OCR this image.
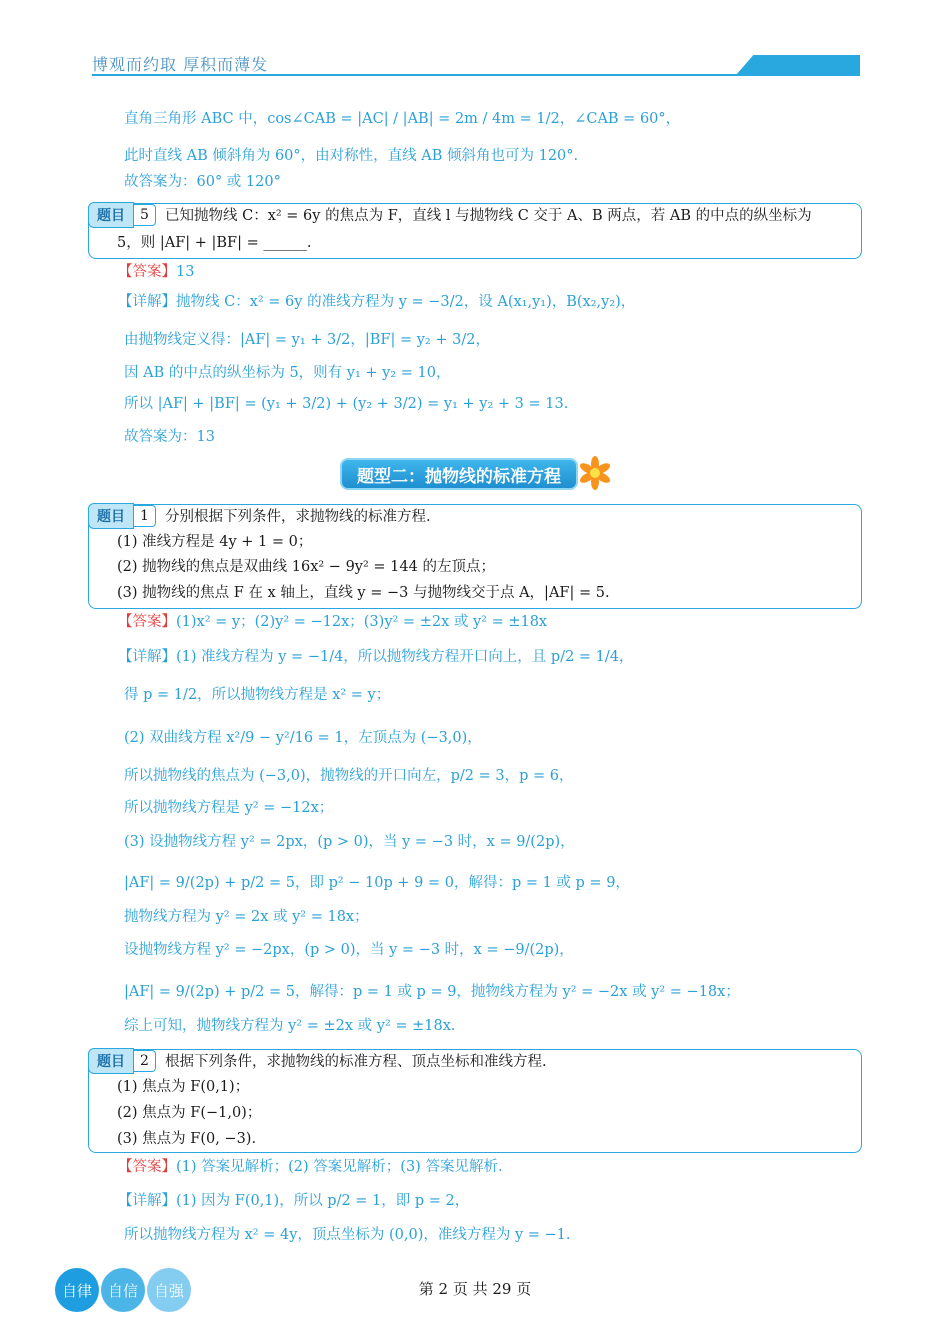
博观而约取 厚积而薄发
直角三角形 ABC 中，cos∠CAB = |AC| / |AB| = 2m / 4m = 1/2，∠CAB = 60°，
此时直线 AB 倾斜角为 60°，由对称性，直线 AB 倾斜角也可为 120°.
故答案为：60° 或 120°
题目	5	已知抛物线 C：x² = 6y 的焦点为 F，直线 l 与抛物线 C 交于 A、B 两点，若 AB 的中点的纵坐标为
5，则 |AF| + |BF| = ______.
【答案】13
【详解】抛物线 C：x² = 6y 的准线方程为 y = −3/2，设 A(x₁,y₁)，B(x₂,y₂)，
由抛物线定义得：|AF| = y₁ + 3/2，|BF| = y₂ + 3/2，
因 AB 的中点的纵坐标为 5，则有 y₁ + y₂ = 10，
所以 |AF| + |BF| = (y₁ + 3/2) + (y₂ + 3/2) = y₁ + y₂ + 3 = 13.
故答案为：13
题型二：抛物线的标准方程
题目	1	分别根据下列条件，求抛物线的标准方程.
(1) 准线方程是 4y + 1 = 0；
(2) 抛物线的焦点是双曲线 16x² − 9y² = 144 的左顶点；
(3) 抛物线的焦点 F 在 x 轴上，直线 y = −3 与抛物线交于点 A，|AF| = 5.
【答案】(1)x² = y；(2)y² = −12x；(3)y² = ±2x 或 y² = ±18x
【详解】(1) 准线方程为 y = −1/4，所以抛物线方程开口向上，且 p/2 = 1/4，
得 p = 1/2，所以抛物线方程是 x² = y；
(2) 双曲线方程 x²/9 − y²/16 = 1，左顶点为 (−3,0)，
所以抛物线的焦点为 (−3,0)，抛物线的开口向左，p/2 = 3，p = 6，
所以抛物线方程是 y² = −12x；
(3) 设抛物线方程 y² = 2px，(p > 0)，当 y = −3 时，x = 9/(2p)，
|AF| = 9/(2p) + p/2 = 5，即 p² − 10p + 9 = 0，解得：p = 1 或 p = 9，
抛物线方程为 y² = 2x 或 y² = 18x；
设抛物线方程 y² = −2px，(p > 0)，当 y = −3 时，x = −9/(2p)，
|AF| = 9/(2p) + p/2 = 5，解得：p = 1 或 p = 9，抛物线方程为 y² = −2x 或 y² = −18x；
综上可知，抛物线方程为 y² = ±2x 或 y² = ±18x.
题目	2	根据下列条件，求抛物线的标准方程、顶点坐标和准线方程.
(1) 焦点为 F(0,1)；
(2) 焦点为 F(−1,0)；
(3) 焦点为 F(0, −3).
【答案】(1) 答案见解析；(2) 答案见解析；(3) 答案见解析.
【详解】(1) 因为 F(0,1)，所以 p/2 = 1，即 p = 2，
所以抛物线方程为 x² = 4y，顶点坐标为 (0,0)，准线方程为 y = −1.
自律	自信	自强	第 2 页 共 29 页
